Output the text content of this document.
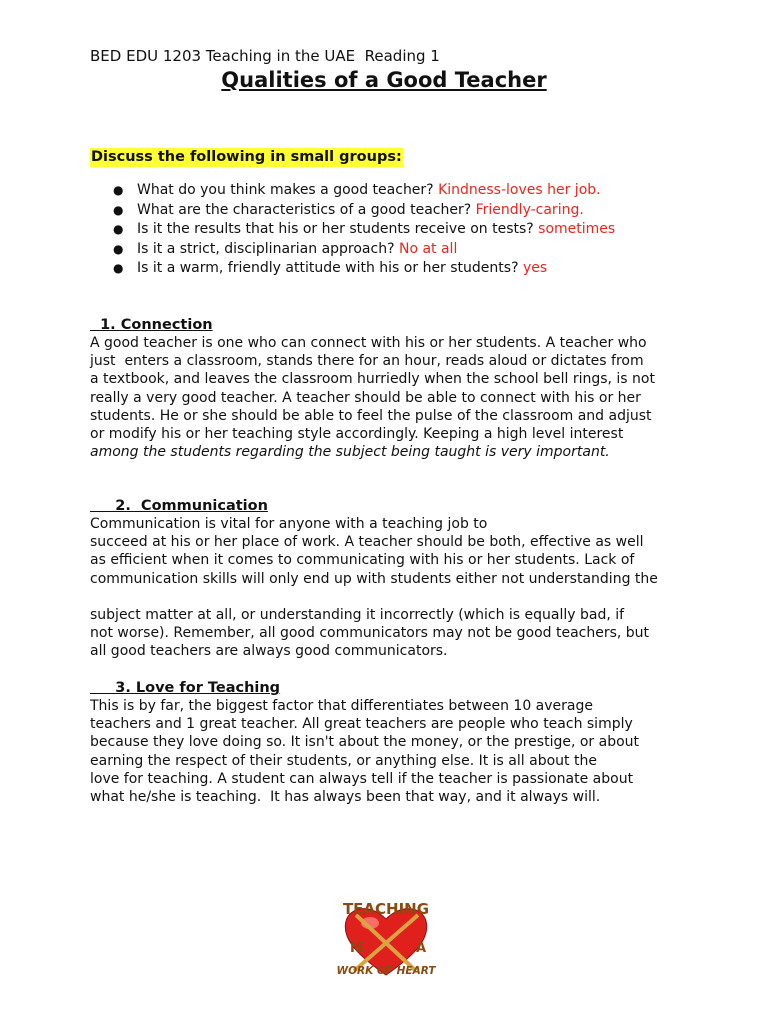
BED EDU 1203 Teaching in the UAE  Reading 1
Qualities of a Good Teacher
Discuss the following in small groups:
● What do you think makes a good teacher? Kindness-loves her job.
● What are the characteristics of a good teacher? Friendly-caring.
● Is it the results that his or her students receive on tests? sometimes
● Is it a strict, disciplinarian approach? No at all
● Is it a warm, friendly attitude with his or her students? yes
1. Connection
A good teacher is one who can connect with his or her students. A teacher who
just  enters a classroom, stands there for an hour, reads aloud or dictates from
a textbook, and leaves the classroom hurriedly when the school bell rings, is not
really a very good teacher. A teacher should be able to connect with his or her
students. He or she should be able to feel the pulse of the classroom and adjust
or modify his or her teaching style accordingly. Keeping a high level interest
among the students regarding the subject being taught is very important.
2.  Communication
Communication is vital for anyone with a teaching job to
succeed at his or her place of work. A teacher should be both, effective as well
as efficient when it comes to communicating with his or her students. Lack of
communication skills will only end up with students either not understanding the
subject matter at all, or understanding it incorrectly (which is equally bad, if
not worse). Remember, all good communicators may not be good teachers, but
all good teachers are always good communicators.
3. Love for Teaching
This is by far, the biggest factor that differentiates between 10 average
teachers and 1 great teacher. All great teachers are people who teach simply
because they love doing so. It isn't about the money, or the prestige, or about
earning the respect of their students, or anything else. It is all about the
love for teaching. A student can always tell if the teacher is passionate about
what he/she is teaching.  It has always been that way, and it always will.
TEACHING
IS	A
WORK OF HEART
